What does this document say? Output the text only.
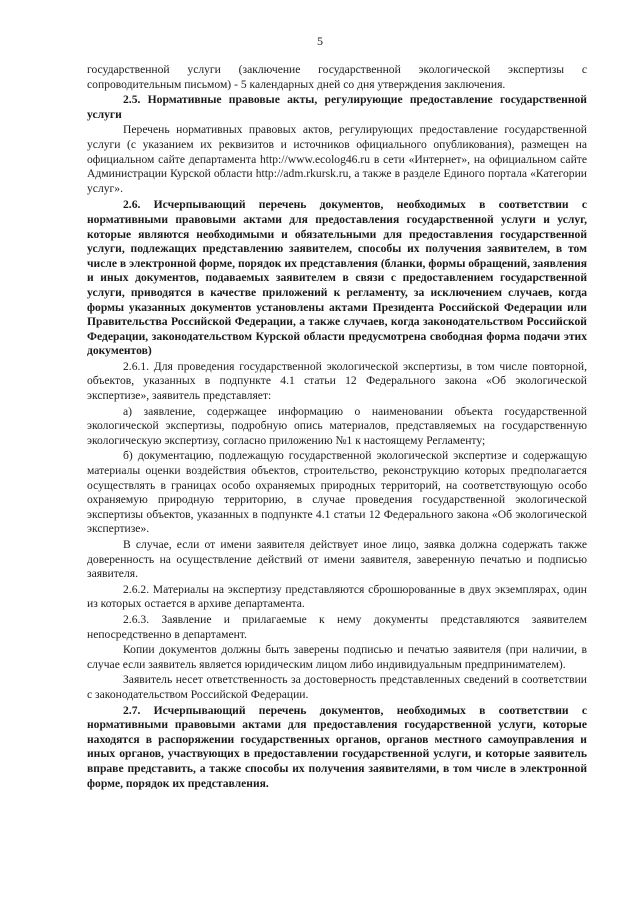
5

государственной услуги (заключение государственной экологической экспертизы с сопроводительным письмом) - 5 календарных дней со дня утверждения заключения.

2.5. Нормативные правовые акты, регулирующие предоставление государственной услуги

Перечень нормативных правовых актов, регулирующих предоставление государственной услуги (с указанием их реквизитов и источников официального опубликования), размещен на официальном сайте департамента http://www.ecolog46.ru в сети «Интернет», на официальном сайте Администрации Курской области http://adm.rkursk.ru, а также в разделе Единого портала «Категории услуг».

2.6. Исчерпывающий перечень документов, необходимых в соответствии с нормативными правовыми актами для предоставления государственной услуги и услуг, которые являются необходимыми и обязательными для предоставления государственной услуги, подлежащих представлению заявителем, способы их получения заявителем, в том числе в электронной форме, порядок их представления (бланки, формы обращений, заявления и иных документов, подаваемых заявителем в связи с предоставлением государственной услуги, приводятся в качестве приложений к регламенту, за исключением случаев, когда формы указанных документов установлены актами Президента Российской Федерации или Правительства Российской Федерации, а также случаев, когда законодательством Российской Федерации, законодательством Курской области предусмотрена свободная форма подачи этих документов)

2.6.1. Для проведения государственной экологической экспертизы, в том числе повторной, объектов, указанных в подпункте 4.1 статьи 12 Федерального закона «Об экологической экспертизе», заявитель представляет:

а) заявление, содержащее информацию о наименовании объекта государственной экологической экспертизы, подробную опись материалов, представляемых на государственную экологическую экспертизу, согласно приложению №1 к настоящему Регламенту;

б) документацию, подлежащую государственной экологической экспертизе и содержащую материалы оценки воздействия объектов, строительство, реконструкцию которых предполагается осуществлять в границах особо охраняемых природных территорий, на соответствующую особо охраняемую природную территорию, в случае проведения государственной экологической экспертизы объектов, указанных в подпункте 4.1 статьи 12 Федерального закона «Об экологической экспертизе».

В случае, если от имени заявителя действует иное лицо, заявка должна содержать также доверенность на осуществление действий от имени заявителя, заверенную печатью и подписью заявителя.

2.6.2. Материалы на экспертизу представляются сброшюрованные в двух экземплярах, один из которых остается в архиве департамента.

2.6.3. Заявление и прилагаемые к нему документы представляются заявителем непосредственно в департамент.

Копии документов должны быть заверены подписью и печатью заявителя (при наличии, в случае если заявитель является юридическим лицом либо индивидуальным предпринимателем).

Заявитель несет ответственность за достоверность представленных сведений в соответствии с законодательством Российской Федерации.

2.7. Исчерпывающий перечень документов, необходимых в соответствии с нормативными правовыми актами для предоставления государственной услуги, которые находятся в распоряжении государственных органов, органов местного самоуправления и иных органов, участвующих в предоставлении государственной услуги, и которые заявитель вправе представить, а также способы их получения заявителями, в том числе в электронной форме, порядок их представления.
